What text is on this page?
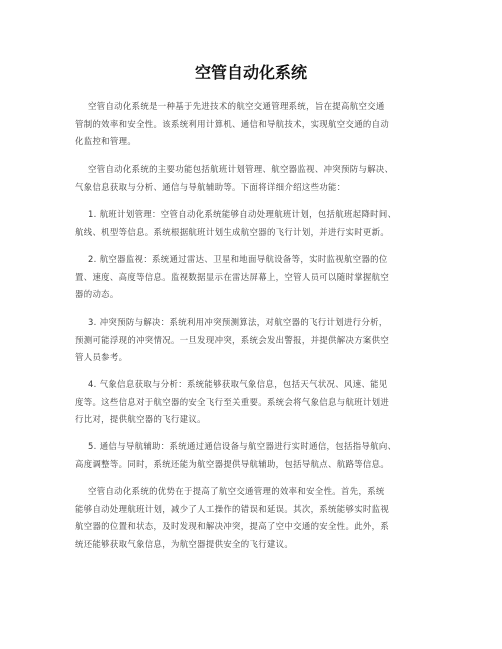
空管自动化系统
空管自动化系统是一种基于先进技术的航空交通管理系统，旨在提高航空交通
管制的效率和安全性。该系统利用计算机、通信和导航技术，实现航空交通的自动
化监控和管理。
空管自动化系统的主要功能包括航班计划管理、航空器监视、冲突预防与解决、
气象信息获取与分析、通信与导航辅助等。下面将详细介绍这些功能：
1. 航班计划管理：空管自动化系统能够自动处理航班计划，包括航班起降时间、
航线、机型等信息。系统根据航班计划生成航空器的飞行计划，并进行实时更新。
2. 航空器监视：系统通过雷达、卫星和地面导航设备等，实时监视航空器的位
置、速度、高度等信息。监视数据显示在雷达屏幕上，空管人员可以随时掌握航空
器的动态。
3. 冲突预防与解决：系统利用冲突预测算法，对航空器的飞行计划进行分析，
预测可能浮现的冲突情况。一旦发现冲突，系统会发出警报，并提供解决方案供空
管人员参考。
4. 气象信息获取与分析：系统能够获取气象信息，包括天气状况、风速、能见
度等。这些信息对于航空器的安全飞行至关重要。系统会将气象信息与航班计划进
行比对，提供航空器的飞行建议。
5. 通信与导航辅助：系统通过通信设备与航空器进行实时通信，包括指导航向、
高度调整等。同时，系统还能为航空器提供导航辅助，包括导航点、航路等信息。
空管自动化系统的优势在于提高了航空交通管理的效率和安全性。首先，系统
能够自动处理航班计划，减少了人工操作的错误和延误。其次，系统能够实时监视
航空器的位置和状态，及时发现和解决冲突，提高了空中交通的安全性。此外，系
统还能够获取气象信息，为航空器提供安全的飞行建议。
